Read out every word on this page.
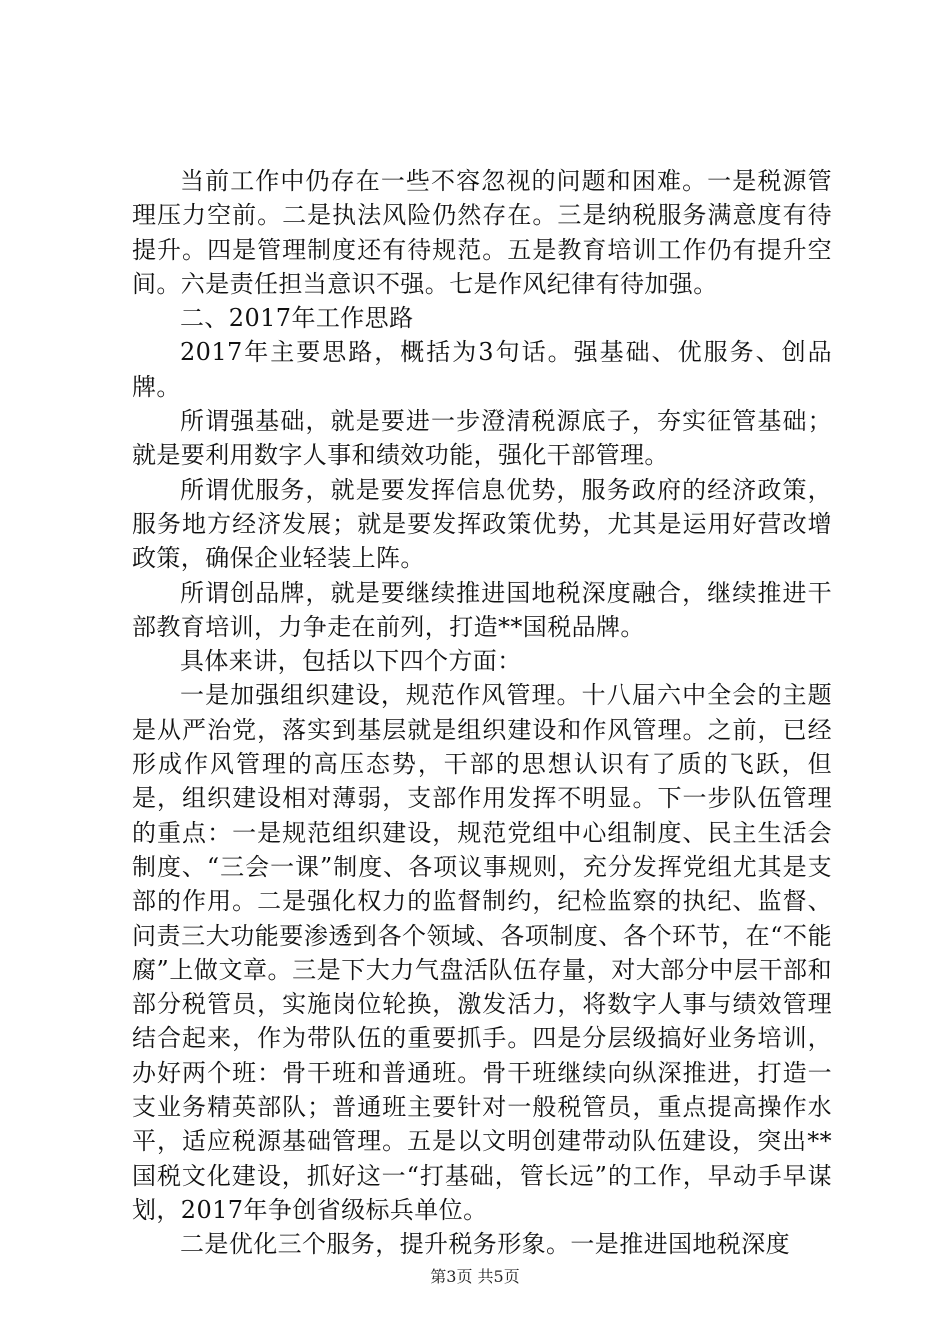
当前工作中仍存在一些不容忽视的问题和困难。一是税源管理压力空前。二是执法风险仍然存在。三是纳税服务满意度有待提升。四是管理制度还有待规范。五是教育培训工作仍有提升空间。六是责任担当意识不强。七是作风纪律有待加强。

二、2017年工作思路

2017年主要思路，概括为3句话。强基础、优服务、创品牌。

所谓强基础，就是要进一步澄清税源底子，夯实征管基础；就是要利用数字人事和绩效功能，强化干部管理。

所谓优服务，就是要发挥信息优势，服务政府的经济政策，服务地方经济发展；就是要发挥政策优势，尤其是运用好营改增政策，确保企业轻装上阵。

所谓创品牌，就是要继续推进国地税深度融合，继续推进干部教育培训，力争走在前列，打造**国税品牌。

具体来讲，包括以下四个方面：

一是加强组织建设，规范作风管理。十八届六中全会的主题是从严治党，落实到基层就是组织建设和作风管理。之前，已经形成作风管理的高压态势，干部的思想认识有了质的飞跃，但是，组织建设相对薄弱，支部作用发挥不明显。下一步队伍管理的重点：一是规范组织建设，规范党组中心组制度、民主生活会制度、“三会一课”制度、各项议事规则，充分发挥党组尤其是支部的作用。二是强化权力的监督制约，纪检监察的执纪、监督、问责三大功能要渗透到各个领域、各项制度、各个环节，在“不能腐”上做文章。三是下大力气盘活队伍存量，对大部分中层干部和部分税管员，实施岗位轮换，激发活力，将数字人事与绩效管理结合起来，作为带队伍的重要抓手。四是分层级搞好业务培训，办好两个班：骨干班和普通班。骨干班继续向纵深推进，打造一支业务精英部队；普通班主要针对一般税管员，重点提高操作水平，适应税源基础管理。五是以文明创建带动队伍建设，突出**国税文化建设，抓好这一“打基础，管长远”的工作，早动手早谋划，2017年争创省级标兵单位。

二是优化三个服务，提升税务形象。一是推进国地税深度

第3页 共5页
